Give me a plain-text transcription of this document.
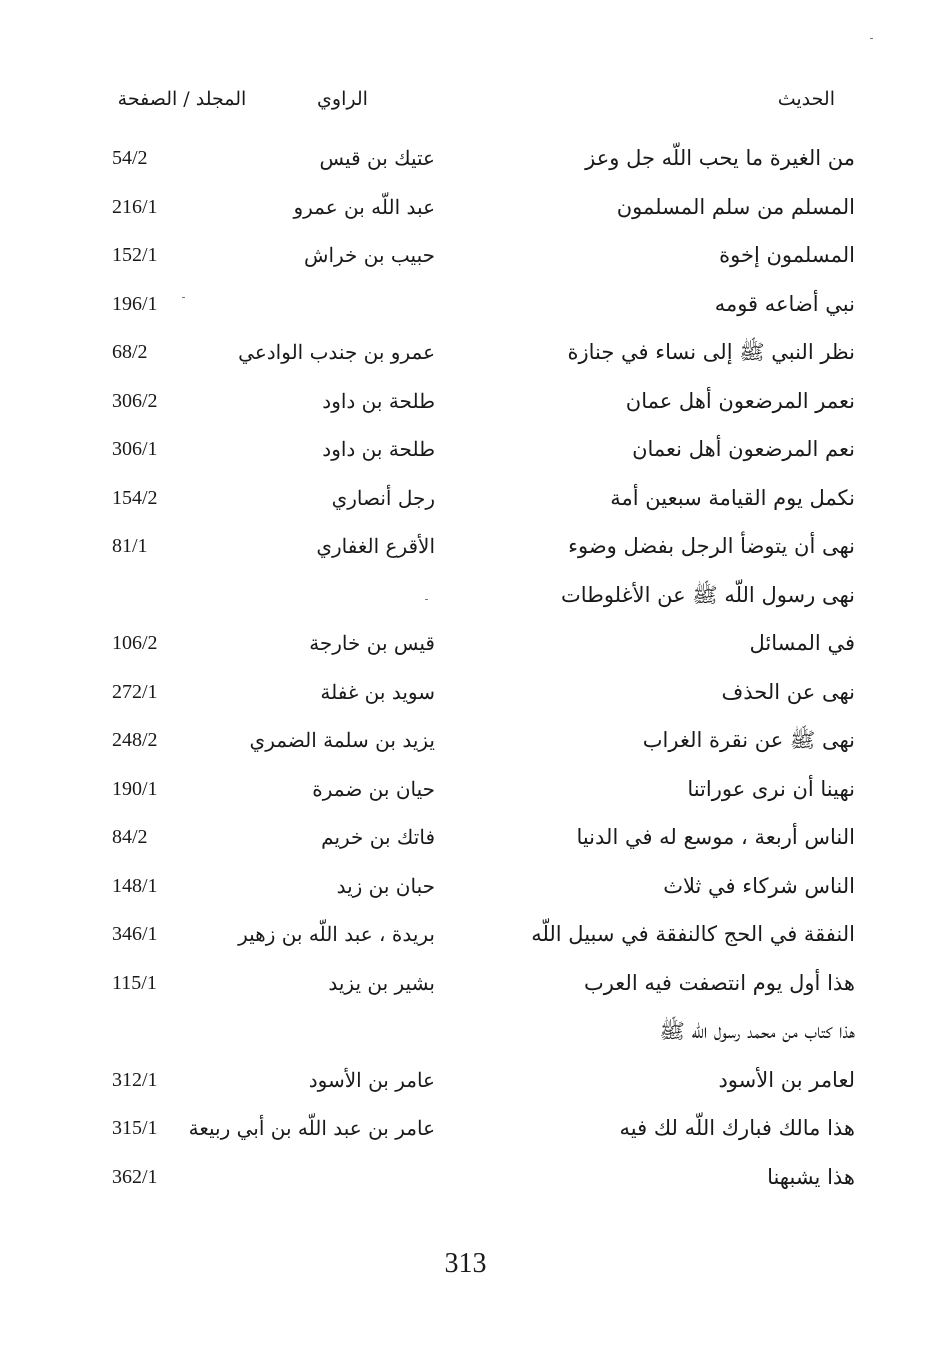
الحديث
الراوي
المجلد / الصفحة
من الغيرة ما يحب اللّه جل وعز
عتيك بن قيس
54/2
المسلم من سلم المسلمون
عبد اللّه بن عمرو
216/1
المسلمون إخوة
حبيب بن خراش
152/1
نبي أضاعه قومه
196/1
نظر النبي ﷺ إلى نساء في جنازة
عمرو بن جندب الوادعي
68/2
نعمر المرضعون أهل عمان
طلحة بن داود
306/2
نعم المرضعون أهل نعمان
طلحة بن داود
306/1
نكمل يوم القيامة سبعين أمة
رجل أنصاري
154/2
نهى أن يتوضأ الرجل بفضل وضوء
الأقرع الغفاري
81/1
نهى رسول اللّه ﷺ عن الأغلوطات
في المسائل
قيس بن خارجة
106/2
نهى عن الحذف
سويد بن غفلة
272/1
نهى ﷺ عن نقرة الغراب
يزيد بن سلمة الضمري
248/2
نهينا أن نرى عوراتنا
حيان بن ضمرة
190/1
الناس أربعة ، موسع له في الدنيا
فاتك بن خريم
84/2
الناس شركاء في ثلاث
حبان بن زيد
148/1
النفقة في الحج كالنفقة في سبيل اللّه
بريدة ، عبد اللّه بن زهير
346/1
هذا أول يوم انتصفت فيه العرب
بشير بن يزيد
115/1
هذا كتاب من محمد رسول اللّه ﷺ
لعامر بن الأسود
عامر بن الأسود
312/1
هذا مالك فبارك اللّه لك فيه
عامر بن عبد اللّه بن أبي ربيعة
315/1
هذا يشبهنا
362/1
313
